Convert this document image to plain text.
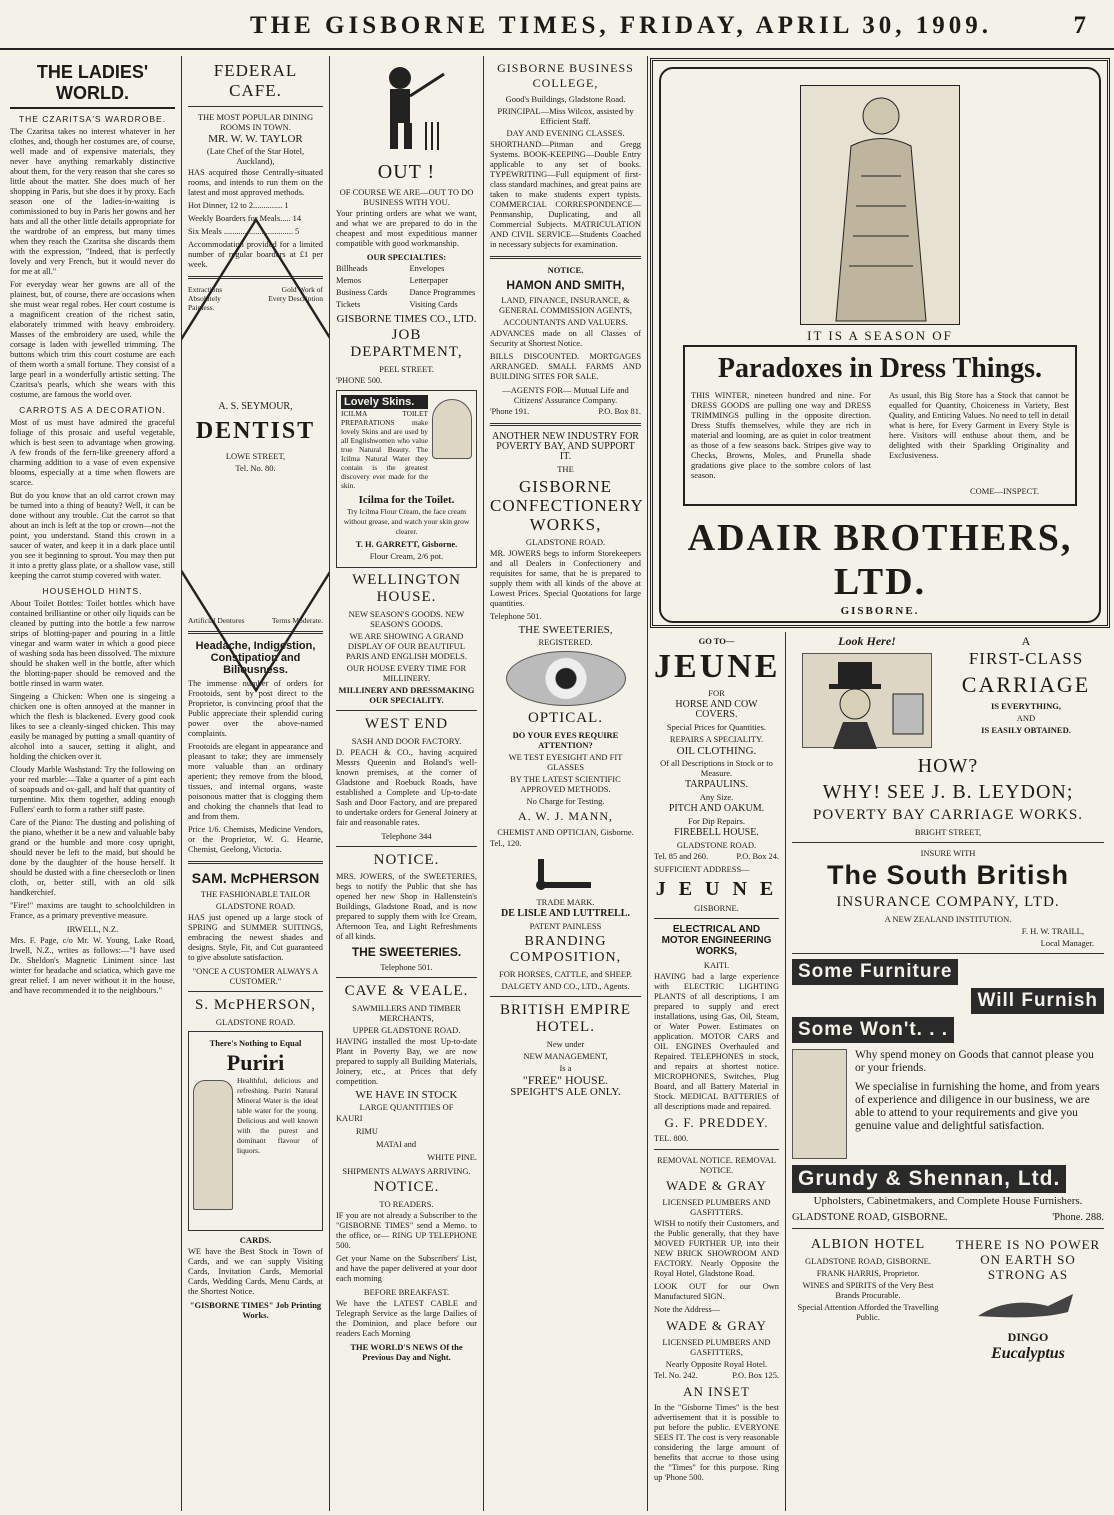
THE GISBORNE TIMES, FRIDAY, APRIL 30, 1909.	7
THE LADIES' WORLD.
THE CZARITSA'S WARDROBE.

The Czaritsa takes no interest whatever in her clothes, and, though her costumes are, of course, well made and of expensive materials, they never have anything remarkably distinctive about them, for the very reason that she cares so little about the matter. She does much of her shopping in Paris, but she does it by proxy. Each season one of the ladies-in-waiting is commissioned to buy in Paris her gowns and her hats and all the other little details appropriate for the wardrobe of an empress, but many times when they reach the Czaritsa she discards them with the expression, "Indeed, that is perfectly lovely and very French, but it would never do for me at all."

For everyday wear her gowns are all of the plainest, but, of course, there are occasions when she must wear regal robes. Her court costume is a magnificent creation of the richest satin, elaborately trimmed with heavy embroidery. Masses of the embroidery are used, while the corsage is laden with jewelled trimming. The buttons which trim this court costume are each of them worth a small fortune. They consist of a large pearl in a wonderfully artistic setting. The Czaritsa's pearls, which she wears with this costume, are famous the world over.

CARROTS AS A DECORATION.

Most of us must have admired the graceful foliage of this prosaic and useful vegetable, which is best seen to advantage when growing. A few fronds of the fern-like greenery afford a charming addition to a vase of even expensive blooms, especially at a time when flowers are scarce.

But do you know that an old carrot crown may be turned into a thing of beauty? Well, it can be done without any trouble. Cut the carrot so that about an inch is left at the top or crown—not the point, you understand. Stand this crown in a saucer of water, and keep it in a dark place until you see it beginning to sprout. You may then put it into a pretty glass plate, or a shallow vase, still keeping the carrot stump covered with water.

HOUSEHOLD HINTS.

About Toilet Bottles: Toilet bottles which have contained brilliantine or other oily liquids can be cleaned by putting into the bottle a few narrow strips of blotting-paper and pouring in a little vinegar and warm water in which a good piece of washing soda has been dissolved. The mixture should be shaken well in the bottle, after which the blotting-paper should be removed and the bottle rinsed in warm water.

Singeing a Chicken: When one is singeing a chicken one is often annoyed at the manner in which the flesh is blackened. Every good cook likes to see a cleanly-singed chicken. This may easily be managed by putting a small quantity of alcohol into a saucer, setting it alight, and holding the chicken over it.

Cloudy Marble Washstand: Try the following on your red marble:—Take a quarter of a pint each of soapsuds and ox-gall, and half that quantity of turpentine. Mix them together, adding enough Fullers' earth to form a rather stiff paste.

Care of the Piano: The dusting and polishing of the piano, whether it be a new and valuable baby grand or the humble and more cosy upright, should never be left to the maid, but should be done by the daughter of the house herself. It should be dusted with a fine cheesecloth or linen cloth, or, better still, with an old silk handkerchief.

"Fire!" maxims are taught to schoolchildren in France, as a primary preventive measure.

IRWELL, N.Z.

Mrs. F. Page, c/o Mr. W. Young, Lake Road, Irwell, N.Z., writes as follows:—"I have used Dr. Sheldon's Magnetic Liniment since last winter for headache and sciatica, which gave me great relief. I am never without it in the house, and have recommended it to the neighbours."

FEDERAL CAFE.
THE MOST POPULAR DINING ROOMS IN TOWN.
MR. W. W. TAYLOR
(Late Chef of the Star Hotel, Auckland),

HAS acquired those Centrally-situated rooms, and intends to run them on the latest and most approved methods.

Hot Dinner, 12 to 2.............. 1
Weekly Boarders for Meals..... 14
Six Meals ................................. 5

Accommodation provided for a limited number of regular boarders at £1 per week.

Extractions Absolutely Painless.
Gold Work of Every Description
Artificial Dentures	Terms Moderate.
A. S. SEYMOUR,
DENTIST
LOWE STREET,
Tel. No. 80.
Headache, Indigestion, Constipation and Biliousness.

The immense number of orders for Frootoids, sent by post direct to the Proprietor, is convincing proof that the Public appreciate their splendid curing power over the above-named complaints.

Frootoids are elegant in appearance and pleasant to take; they are immensely more valuable than an ordinary aperient; they remove from the blood, tissues, and internal organs, waste poisonous matter that is clogging them and choking the channels that lead to and from them.

Price 1/6. Chemists, Medicine Vendors, or the Proprietor, W. G. Hearne, Chemist, Geelong, Victoria.

SAM. McPHERSON
THE FASHIONABLE TAILOR
GLADSTONE ROAD.

HAS just opened up a large stock of SPRING and SUMMER SUITINGS, embracing the newest shades and designs. Style, Fit, and Cut guaranteed to give absolute satisfaction.

"ONCE A CUSTOMER ALWAYS A CUSTOMER."
S. McPHERSON,
GLADSTONE ROAD.
There's Nothing to Equal
Puriri

Healthful, delicious and refreshing. Puriri Natural Mineral Water is the ideal table water for the young. Delicious and well known with the purest and dominant flavour of liquors.

CARDS.

WE have the Best Stock in Town of Cards, and we can supply Visiting Cards, Invitation Cards, Memorial Cards, Wedding Cards, Menu Cards, at the Shortest Notice.

"GISBORNE TIMES" Job Printing Works.
OUT !
OF COURSE WE ARE—OUT TO DO BUSINESS WITH YOU.

Your printing orders are what we want, and what we are prepared to do in the cheapest and most expeditious manner compatible with good workmanship.

OUR SPECIALTIES:
Billheads	Envelopes
Memos	Letterpaper
Business Cards	Dance Programmes
Tickets	Visiting Cards
GISBORNE TIMES CO., LTD.
JOB DEPARTMENT,
PEEL STREET.
'PHONE 500.
Lovely Skins.

ICILMA TOILET PREPARATIONS make lovely Skins and are used by all Englishwomen who value true Natural Beauty. The Icilma Natural Water they contain is the greatest discovery ever made for the skin.

Icilma for the Toilet.
Try Icilma Flour Cream, the face cream without grease, and watch your skin grow clearer.
T. H. GARRETT, Gisborne.
Flour Cream, 2/6 pot.
WELLINGTON HOUSE.
NEW SEASON'S GOODS. NEW SEASON'S GOODS.
WE ARE SHOWING A GRAND DISPLAY OF OUR BEAUTIFUL PARIS AND ENGLISH MODELS.
OUR HOUSE EVERY TIME FOR MILLINERY.
MILLINERY AND DRESSMAKING OUR SPECIALITY.
WEST END
SASH AND DOOR FACTORY.

D. PEACH & CO., having acquired Messrs Queenin and Boland's well-known premises, at the corner of Gladstone and Roebuck Roads, have established a Complete and Up-to-date Sash and Door Factory, and are prepared to undertake orders for General Joinery at fair and reasonable rates.

Telephone 344
NOTICE.

MRS. JOWERS, of the SWEETERIES, begs to notify the Public that she has opened her new Shop in Hallenstein's Buildings, Gladstone Road, and is now prepared to supply them with Ice Cream, Afternoon Tea, and Light Refreshments of all kinds.

THE SWEETERIES.
Telephone 501.
CAVE & VEALE.
SAWMILLERS AND TIMBER MERCHANTS,
UPPER GLADSTONE ROAD.

HAVING installed the most Up-to-date Plant in Poverty Bay, we are now prepared to supply all Building Materials, Joinery, etc., at Prices that defy competition.

WE HAVE IN STOCK
LARGE QUANTITIES OF
KAURI
RIMU
MATAI and
WHITE PINE.
SHIPMENTS ALWAYS ARRIVING.
NOTICE.
TO READERS.

IF you are not already a Subscriber to the "GISBORNE TIMES" send a Memo. to the office, or— RING UP TELEPHONE 500.

Get your Name on the Subscribers' List, and have the paper delivered at your door each morning

BEFORE BREAKFAST.

We have the LATEST CABLE and Telegraph Service as the large Dailies of the Dominion, and place before our readers Each Morning

THE WORLD'S NEWS Of the Previous Day and Night.
GISBORNE BUSINESS COLLEGE,
Good's Buildings, Gladstone Road.
PRINCIPAL—Miss Wilcox, assisted by Efficient Staff.
DAY AND EVENING CLASSES.

SHORTHAND—Pitman and Gregg Systems. BOOK-KEEPING—Double Entry applicable to any set of books. TYPEWRITING—Full equipment of first-class standard machines, and great pains are taken to make students expert typists. COMMERCIAL CORRESPONDENCE—Penmanship, Duplicating, and all Commercial Subjects. MATRICULATION AND CIVIL SERVICE—Students Coached in necessary subjects for examination.

NOTICE.
HAMON AND SMITH,
LAND, FINANCE, INSURANCE, & GENERAL COMMISSION AGENTS,
ACCOUNTANTS AND VALUERS.

ADVANCES made on all Classes of Security at Shortest Notice.

BILLS DISCOUNTED. MORTGAGES ARRANGED. SMALL FARMS AND BUILDING SITES FOR SALE.

—AGENTS FOR— Mutual Life and Citizens' Assurance Company.
'Phone 191.	P.O. Box 81.
ANOTHER NEW INDUSTRY FOR POVERTY BAY, AND SUPPORT IT.
THE
GISBORNE CONFECTIONERY WORKS,
GLADSTONE ROAD.

MR. JOWERS begs to inform Storekeepers and all Dealers in Confectionery and requisites for same, that he is prepared to supply them with all kinds of the above at Lowest Prices. Special Quotations for large quantities.

Telephone 501.
THE SWEETERIES,
REGISTERED.
OPTICAL.
DO YOUR EYES REQUIRE ATTENTION?
WE TEST EYESIGHT AND FIT GLASSES
BY THE LATEST SCIENTIFIC APPROVED METHODS.
No Charge for Testing.
A. W. J. MANN,
CHEMIST AND OPTICIAN, Gisborne.
Tel., 120.
TRADE MARK.
DE LISLE AND LUTTRELL.
PATENT PAINLESS
BRANDING COMPOSITION,
FOR HORSES, CATTLE, and SHEEP.
DALGETY AND CO., LTD., Agents.
BRITISH EMPIRE HOTEL.
New under
NEW MANAGEMENT,
Is a
"FREE" HOUSE.
SPEIGHT'S ALE ONLY.
IT IS A SEASON OF
Paradoxes in Dress Things.

THIS WINTER, nineteen hundred and nine. For DRESS GOODS are pulling one way and DRESS TRIMMINGS pulling in the opposite direction. Dress Stuffs themselves, while they are rich in material and looming, are as quiet in color treatment as those of a few seasons back. Stripes give way to Checks, Browns, Moles, and Prunella shade gradations give place to the sombre colors of last season.

As usual, this Big Store has a Stock that cannot be equalled for Quantity, Choiceness in Variety, Best Quality, and Enticing Values. No need to tell in detail what is here, for Every Garment in Every Style is here. Visitors will enthuse about them, and be delighted with their Sparkling Originality and Exclusiveness.

COME—INSPECT.
ADAIR BROTHERS, LTD.
GISBORNE.
GO TO—
JEUNE
FOR
HORSE AND COW COVERS.
Special Prices for Quantities.
REPAIRS A SPECIALITY.
OIL CLOTHING.
Of all Descriptions in Stock or to Measure.
TARPAULINS.
Any Size.
PITCH AND OAKUM.
For Dip Repairs.
FIREBELL HOUSE.
GLADSTONE ROAD.
Tel. 85 and 260.	P.O. Box 24.
SUFFICIENT ADDRESS—
J E U N E
GISBORNE.
ELECTRICAL AND MOTOR ENGINEERING WORKS,
KAITI.

HAVING had a large experience with ELECTRIC LIGHTING PLANTS of all descriptions, I am prepared to supply and erect installations, using Gas, Oil, Steam, or Water Power. Estimates on application. MOTOR CARS and OIL ENGINES Overhauled and Repaired. TELEPHONES in stock, and repairs at shortest notice. MICROPHONES, Switches, Plug Board, and all Battery Material in Stock. MEDICAL BATTERIES of all descriptions made and repaired.

G. F. PREDDEY.
TEL. 800.
REMOVAL NOTICE. REMOVAL NOTICE.
WADE & GRAY
LICENSED PLUMBERS AND GASFITTERS.

WISH to notify their Customers, and the Public generally, that they have MOVED FURTHER UP, into their NEW BRICK SHOWROOM AND FACTORY. Nearly Opposite the Royal Hotel, Gladstone Road.

LOOK OUT for our Own Manufactured SIGN.
Note the Address—
WADE & GRAY
LICENSED PLUMBERS AND GASFITTERS,
Nearly Opposite Royal Hotel.
Tel. No. 242.	P.O. Box 125.
AN INSET

In the "Gisborne Times" is the best advertisement that it is possible to put before the public. EVERYONE SEES IT. The cost is very reasonable considering the large amount of benefits that accrue to those using the "Times" for this purpose. Ring up 'Phone 500.

Look Here!	A
FIRST-CLASS
CARRIAGE
IS EVERYTHING,
AND
IS EASILY OBTAINED.
HOW?
WHY! SEE J. B. LEYDON;
POVERTY BAY CARRIAGE WORKS.
BRIGHT STREET,
INSURE WITH
The South British
INSURANCE COMPANY, LTD.
A NEW ZEALAND INSTITUTION.
F. H. W. TRAILL,
Local Manager.
Some Furniture
Will Furnish
Some Won't. . .
Why spend money on Goods that cannot please you or your friends.
We specialise in furnishing the home, and from years of experience and diligence in our business, we are able to attend to your requirements and give you genuine value and delightful satisfaction.
Grundy & Shennan, Ltd.
Upholsters, Cabinetmakers, and Complete House Furnishers.
GLADSTONE ROAD, GISBORNE.	'Phone. 288.
ALBION HOTEL
GLADSTONE ROAD, GISBORNE.
FRANK HARRIS, Proprietor.
WINES and SPIRITS of the Very Best Brands Procurable.
Special Attention Afforded the Travelling Public.
THERE IS NO POWER ON EARTH SO STRONG AS
DINGO
Eucalyptus
